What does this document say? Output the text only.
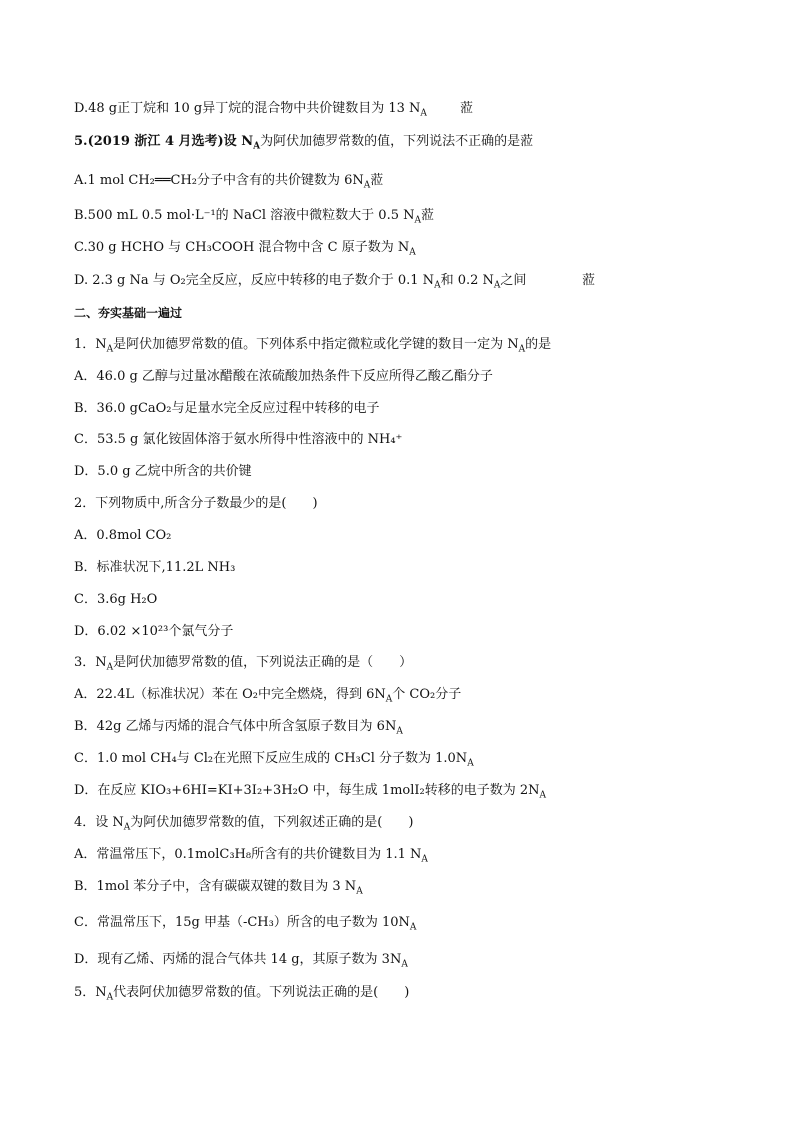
D.48 g正丁烷和 10 g异丁烷的混合物中共价键数目为 13 $N_A$	蒞
5.(2019 浙江 4 月选考)设 $N_A$为阿伏加德罗常数的值，下列说法不正确的是蒞
A.1 mol CH₂══CH₂分子中含有的共价键数为 $6N_A$蒞
B.500 mL 0.5 mol·L⁻¹的 NaCl 溶液中微粒数大于 0.5 $N_A$蒞
C.30 g HCHO 与 CH₃COOH 混合物中含 C 原子数为 $N_A$
D. 2.3 g Na 与 O₂完全反应，反应中转移的电子数介于 0.1 $N_A$和 0.2 $N_A$之间	蒞
二、夯实基础一遍过
1．$N_A$是阿伏加德罗常数的值。下列体系中指定微粒或化学键的数目一定为 $N_A$的是
A．46.0 g 乙醇与过量冰醋酸在浓硫酸加热条件下反应所得乙酸乙酯分子
B．36.0 gCaO₂与足量水完全反应过程中转移的电子
C．53.5 g 氯化铵固体溶于氨水所得中性溶液中的 NH₄⁺
D．5.0 g 乙烷中所含的共价键
2．下列物质中,所含分子数最少的是(　　)
A．0.8mol CO₂
B．标准状况下,11.2L NH₃
C．3.6g H₂O
D．6.02 ×10²³个氯气分子
3．$N_A$是阿伏加德罗常数的值，下列说法正确的是（　　）
A．22.4L（标准状况）苯在 O₂中完全燃烧，得到 $6N_A$个 CO₂分子
B．42g 乙烯与丙烯的混合气体中所含氢原子数目为 $6N_A$
C．1.0 mol CH₄与 Cl₂在光照下反应生成的 CH₃Cl 分子数为 $1.0N_A$
D．在反应 KIO₃+6HI=KI+3I₂+3H₂O 中，每生成 1molI₂转移的电子数为 $2N_A$
4．设 $N_A$为阿伏加德罗常数的值，下列叙述正确的是(　　)
A．常温常压下，0.1molC₃H₈所含有的共价键数目为 1.1 $N_A$
B．1mol 苯分子中，含有碳碳双键的数目为 3 $N_A$
C．常温常压下，15g 甲基（-CH₃）所含的电子数为 $10N_A$
D．现有乙烯、丙烯的混合气体共 14 g，其原子数为 $3N_A$
5．$N_A$代表阿伏加德罗常数的值。下列说法正确的是(　　)
